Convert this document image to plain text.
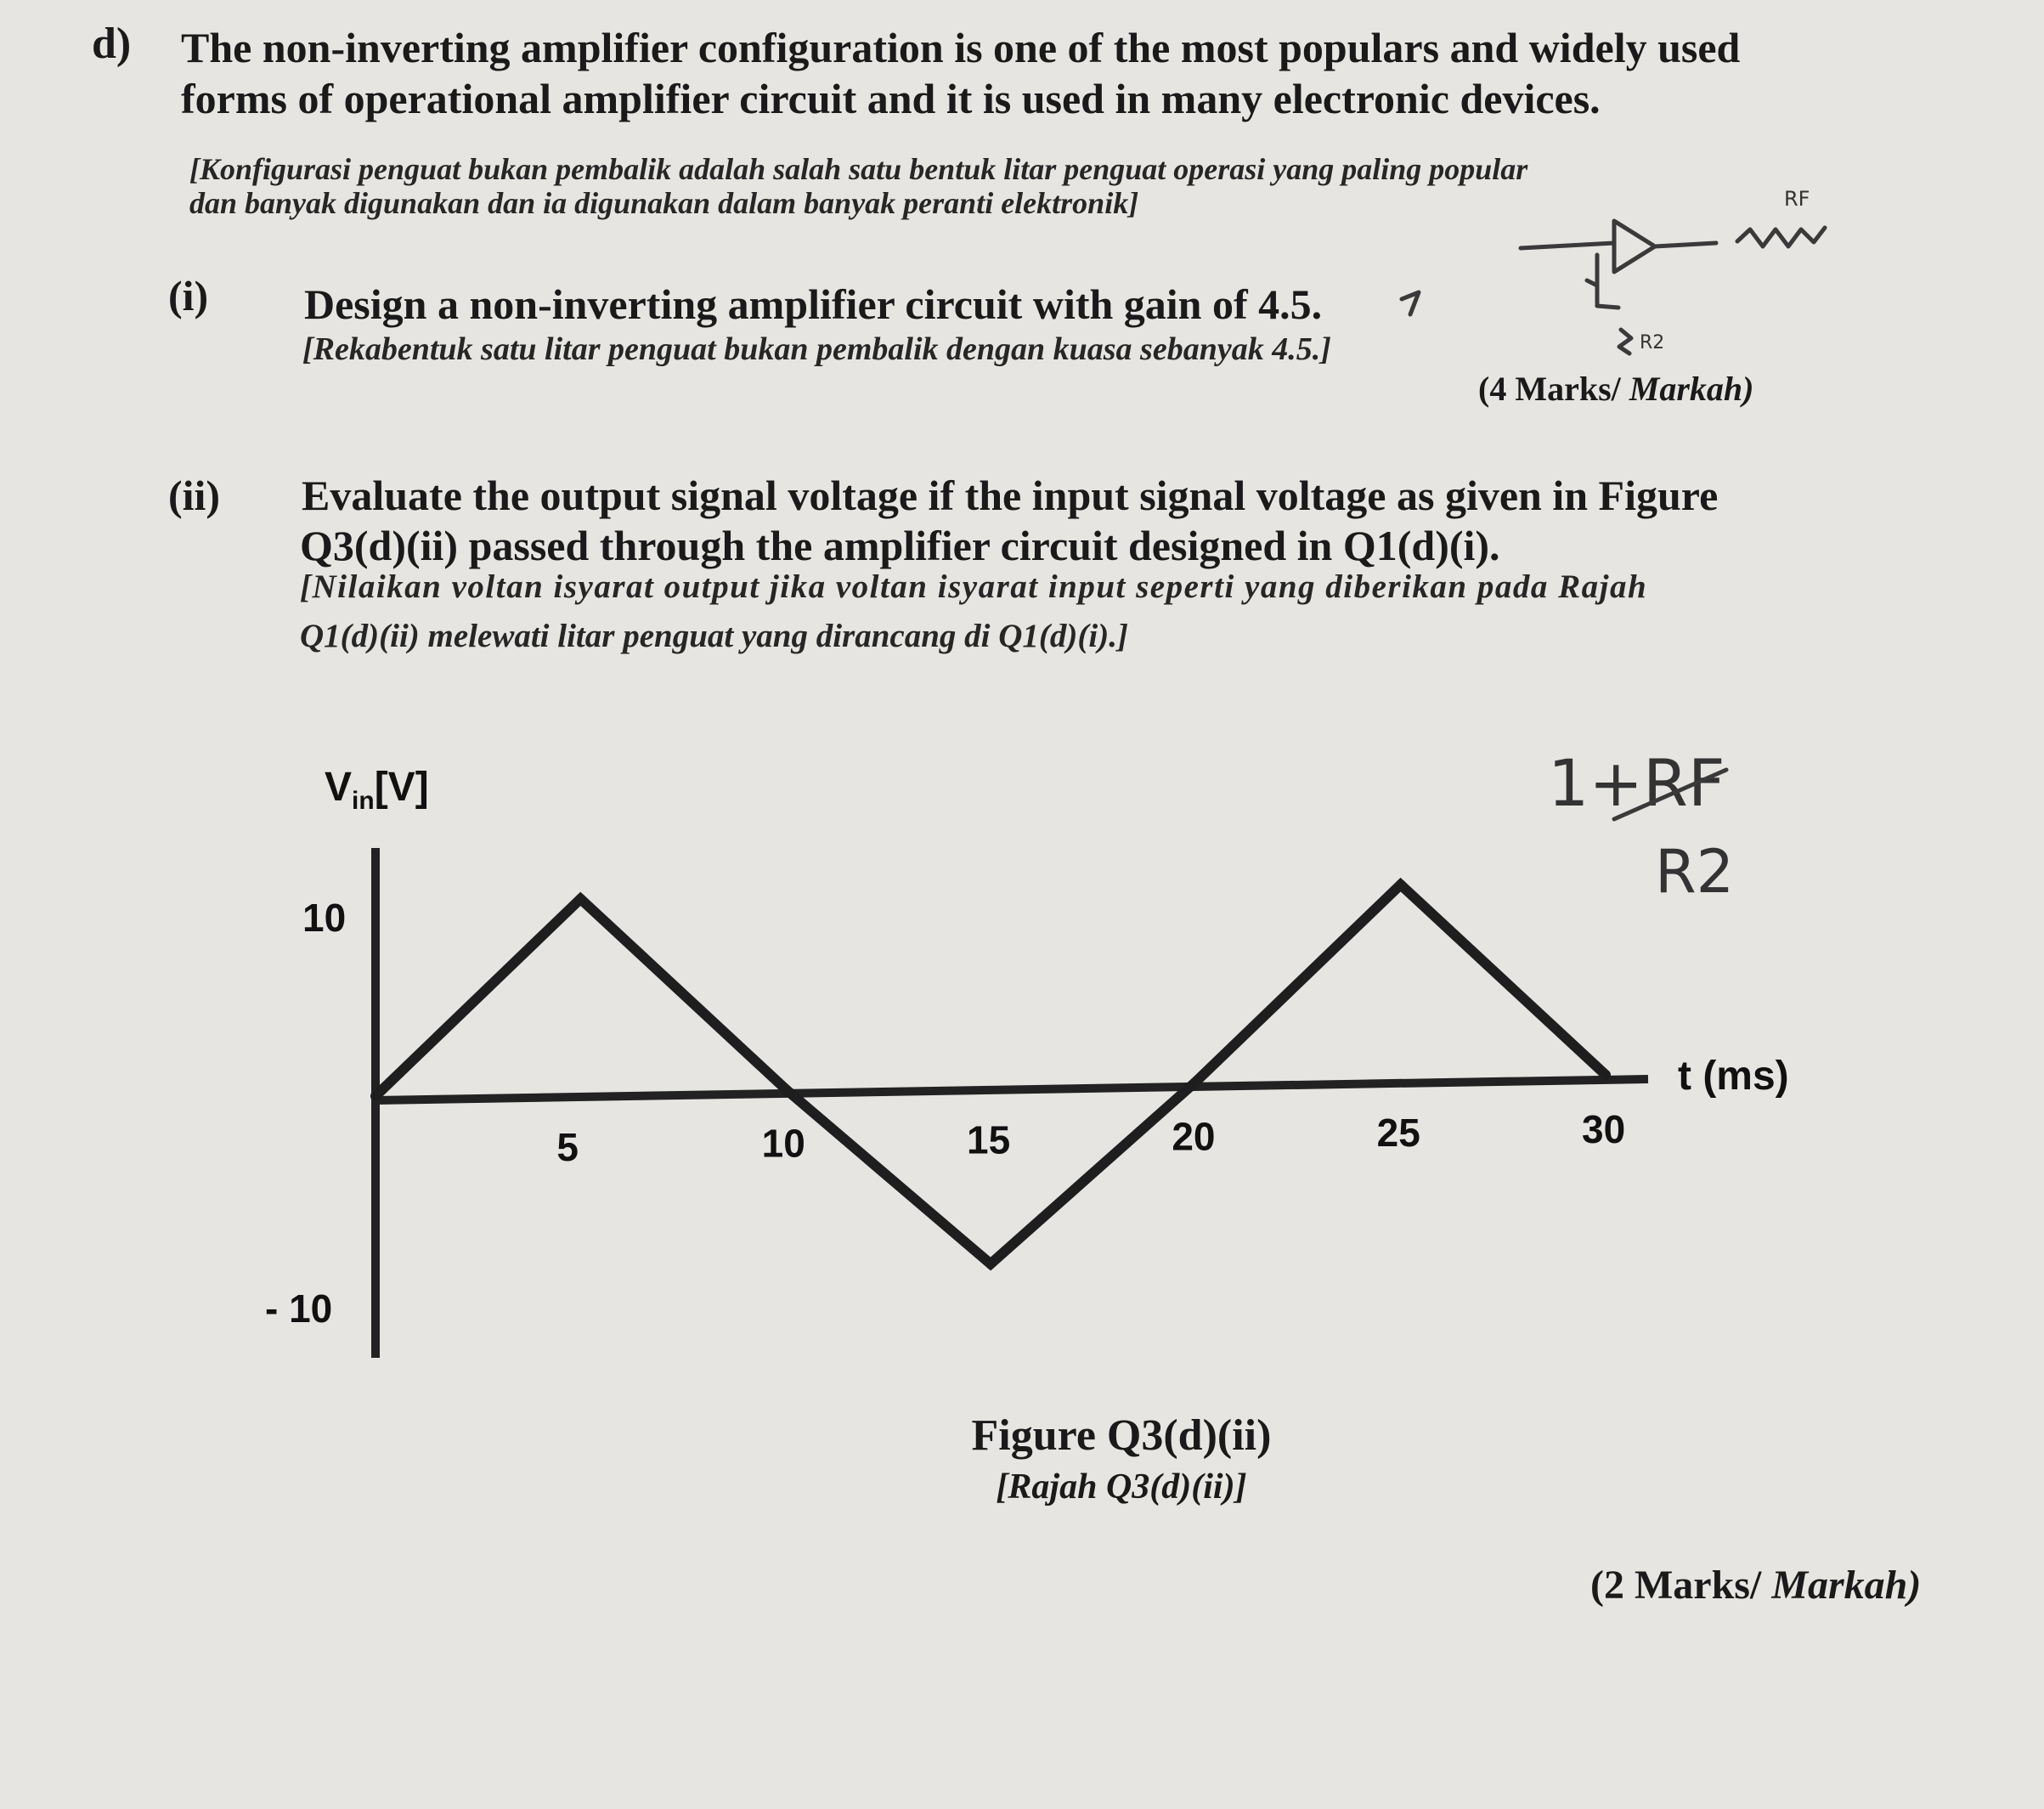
d) The non-inverting amplifier configuration is one of the most populars and widely used
forms of operational amplifier circuit and it is used in many electronic devices.
[Konfigurasi penguat bukan pembalik adalah salah satu bentuk litar penguat operasi yang paling popular
dan banyak digunakan dan ia digunakan dalam banyak peranti elektronik]
(i) Design a non-inverting amplifier circuit with gain of 4.5.
[Rekabentuk satu litar penguat bukan pembalik dengan kuasa sebanyak 4.5.]
(4 Marks/ Markah)
(ii) Evaluate the output signal voltage if the input signal voltage as given in Figure
Q3(d)(ii) passed through the amplifier circuit designed in Q1(d)(i).
[Nilaikan voltan isyarat output jika voltan isyarat input seperti yang diberikan pada Rajah
Q1(d)(ii) melewati litar penguat yang dirancang di Q1(d)(i).]
RF
R2
1+RF
R2
$V_{in}[V]$
t (ms)
10
- 10
5	10	15	20	25	30
Figure Q3(d)(ii)
[Rajah Q3(d)(ii)]
(2 Marks/ Markah)
